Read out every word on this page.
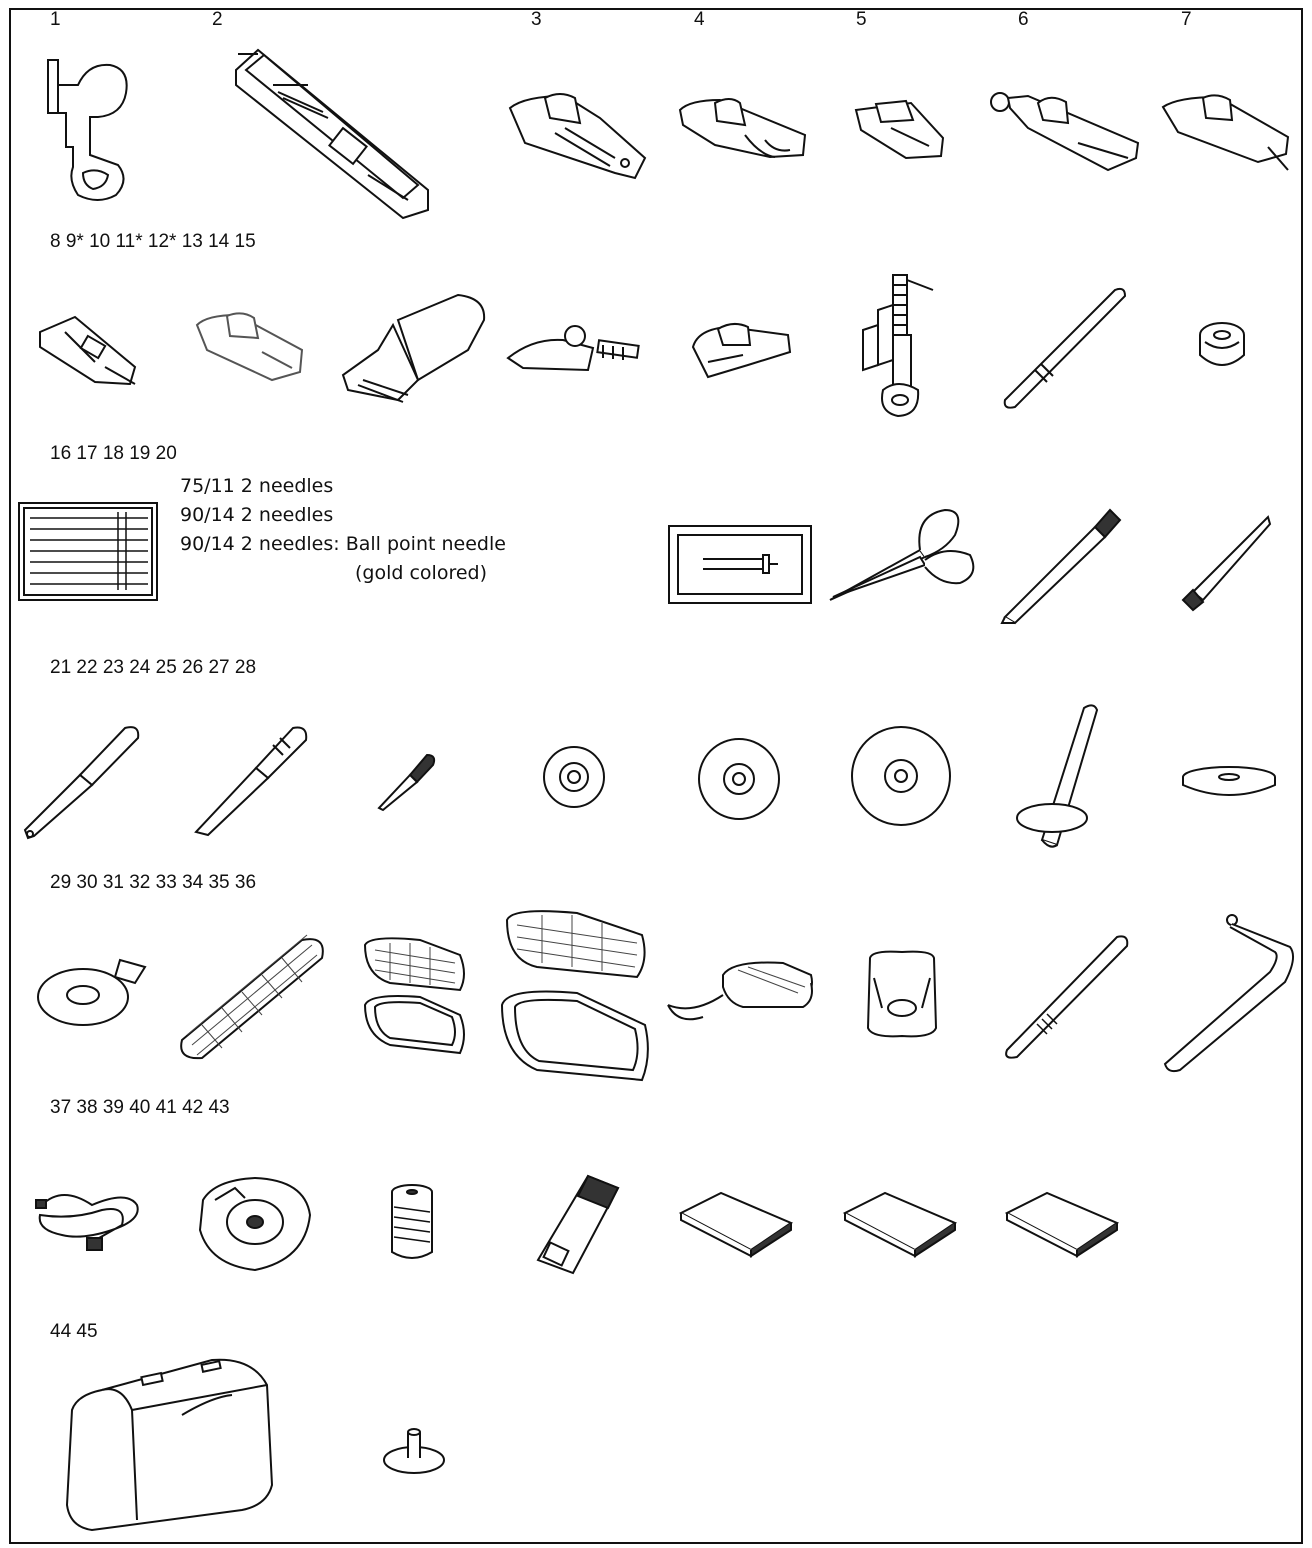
1	2	3	4	5	6	7
8 9* 10 11* 12* 13 14 15
16 17 18 19 20
21 22 23 24 25 26 27 28
29 30 31 32 33 34 35 36
37 38 39 40 41 42 43
44 45
75/11 2 needles
90/14 2 needles
90/14 2 needles: Ball point needle
(gold colored)
